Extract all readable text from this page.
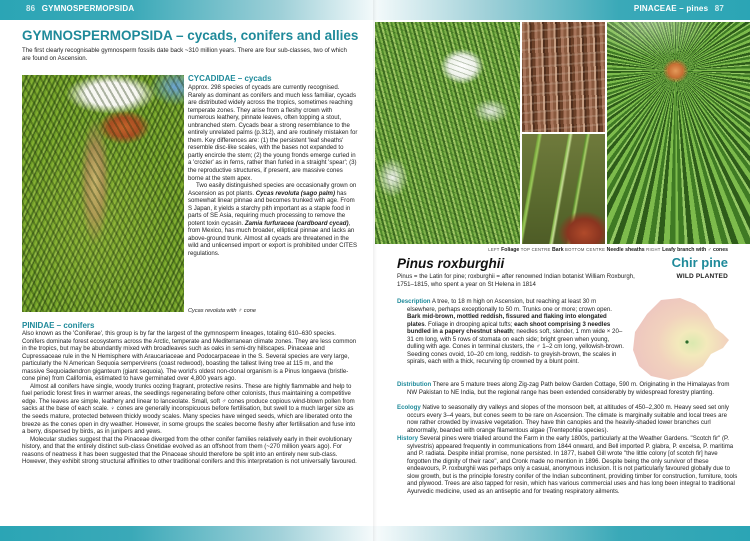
86 GYMNOSPERMOPSIDA
GYMNOSPERMOPSIDA – cycads, conifers and allies

The first clearly recognisable gymnosperm fossils date back ~310 million years. There are four sub-classes, two of which are found on Ascension.

CYCADIDAE – cycads

Approx. 298 species of cycads are currently recognised. Rarely as dominant as conifers and much less familiar, cycads are distributed widely across the tropics, sometimes reaching temperate zones. They arise from a fleshy crown with numerous leathery, pinnate leaves, often topping a stout, unbranched stem. Cycads bear a strong resemblance to the entirely unrelated palms (p.312), and are routinely mistaken for them. Key differences are: (1) the persistent 'leaf sheaths' resemble disc-like scales, with the bases not expanded to partly encircle the stem; (2) the young fronds emerge curled in a 'crozier' as in ferns, rather than furled in a straight 'spear'; (3) the reproductive structures, if present, are massive cones borne at the stem apex.

Two easily distinguished species are occasionally grown on Ascension as pot plants. Cycas revoluta (sago palm) has somewhat linear pinnae and becomes trunked with age. From S Japan, it yields a starchy pith important as a staple food in parts of SE Asia, requiring much processing to remove the potent toxin cycasin. Zamia furfuracea (cardboard cycad), from Mexico, has much broader, elliptical pinnae and lacks an above-ground trunk. Almost all cycads are threatened in the wild and unlicensed import or export is prohibited under CITES regulations.

Cycas revoluta with ♂ cone
PINIDAE – conifers

Also known as the 'Coniferae', this group is by far the largest of the gymnosperm lineages, totaling 610–630 species. Conifers dominate forest ecosystems across the Arctic, temperate and Mediterranean climate zones. They are less common in the tropics, but may be abundantly mixed with broadleaves such as oaks in semi-dry hillscapes. Pinaceae and Cupressaceae rule in the N Hemisphere with Araucariaceae and Podocarpaceae in the S. Several species are very large, particularly the N American Sequoia sempervirens (coast redwood), boasting the tallest living tree at 115 m, and the massive Sequoiadendron giganteum (giant sequoia). The world's oldest non-clonal organism is a Pinus longaeva (bristle-cone pine) from California, estimated to have germinated over 4,800 years ago.

Almost all conifers have single, woody trunks oozing fragrant, protective resins. These are highly flammable and help to fuel periodic forest fires in warmer areas, the seedlings regenerating before other colonists, thus maintaining a competitive edge. The leaves are simple, leathery and linear to lanceolate. Small, soft ♂ cones produce copious wind-blown pollen from sacks at the base of each scale. ♀ cones are generally inconspicuous before fertilisation, but swell to a much larger size as the seeds mature, protected between thickly woody scales. Many species have winged seeds, which are liberated onto the breeze as the cones open in dry weather. However, in some groups the scales become fleshy after fertilisation and fuse into a berry, dispersed by birds, as in junipers and yews.

Molecular studies suggest that the Pinaceae diverged from the other conifer families relatively early in their evolutionary history, and that the entirely distinct sub-class Gnetidae evolved as an offshoot from them (~270 million years ago). For reasons of neatness it has been suggested that the Pinaceae should therefore be split into an entirely new sub-class. However, they exhibit strong structural affinities to other traditional conifers and this interpretation is not universally favoured.

PINACEAE – pines 87
LEFT Foliage TOP CENTRE Bark BOTTOM CENTRE Needle sheaths RIGHT Leafy branch with ♂ cones
Pinus roxburghii	Chir pine
WILD PLANTED

Pinus = the Latin for pine; roxburghii = after renowned Indian botanist William Roxburgh, 1751–1815, who spent a year on St Helena in 1814

Description A tree, to 18 m high on Ascension, but reaching at least 30 m elsewhere, perhaps exceptionally to 50 m. Trunks one or more; crown open. Bark mid-brown, mottled reddish, fissured and flaking into elongated plates. Foliage in drooping apical tufts; each shoot comprising 3 needles bundled in a papery chestnut sheath; needles soft, slender, 1 mm wide × 20–31 cm long, with 5 rows of stomata on each side; bright green when young, dulling with age. Cones in terminal clusters, the ♂ 1–2 cm long, yellowish-brown. Seeding cones ovoid, 10–20 cm long, reddish- to greyish-brown, the scales in spirals, each with a thick, recurving tip crowned by a blunt point.

Distribution There are 5 mature trees along Zig-zag Path below Garden Cottage, 590 m. Originating in the Himalayas from NW Pakistan to NE India, but the regional range has been extended considerably by widespread forestry planting.

Ecology Native to seasonally dry valleys and slopes of the monsoon belt, at altitudes of 450–2,300 m. Heavy seed set only occurs every 3–4 years, but cones seem to be rare on Ascension. The climate is marginally suitable and local trees are now rather crowded by invasive vegetation. They have thin canopies and the heavily-shaded lower branches curl abnormally, bearded with orange filamentous algae (Trentepohlia species).

History Several pines were trialled around the Farm in the early 1800s, particularly at the Weather Gardens. "Scotch fir" (P. sylvestris) appeared frequently in communications from 1844 onward, and Bell imported P. glabra, P. excelsa, P. maritima and P. radiata. Despite initial promise, none persisted. In 1877, Isabell Gill wrote "the little colony [of scotch fir] have forgotten the dignity of their race", and Cronk made no mention in 1896. Despite being the only survivor of these endeavours, P. roxburghii was perhaps only a casual, anonymous inclusion. It is not particularly favoured globally due to slow growth, but is the principle forestry conifer of the Indian subcontinent, providing timber for construction, furniture, tools and plywood. Trees are also tapped for resin, which has various commercial uses and has long been integral to traditional Ayurvedic medicine, used as an antiseptic and for treating respiratory ailments.
